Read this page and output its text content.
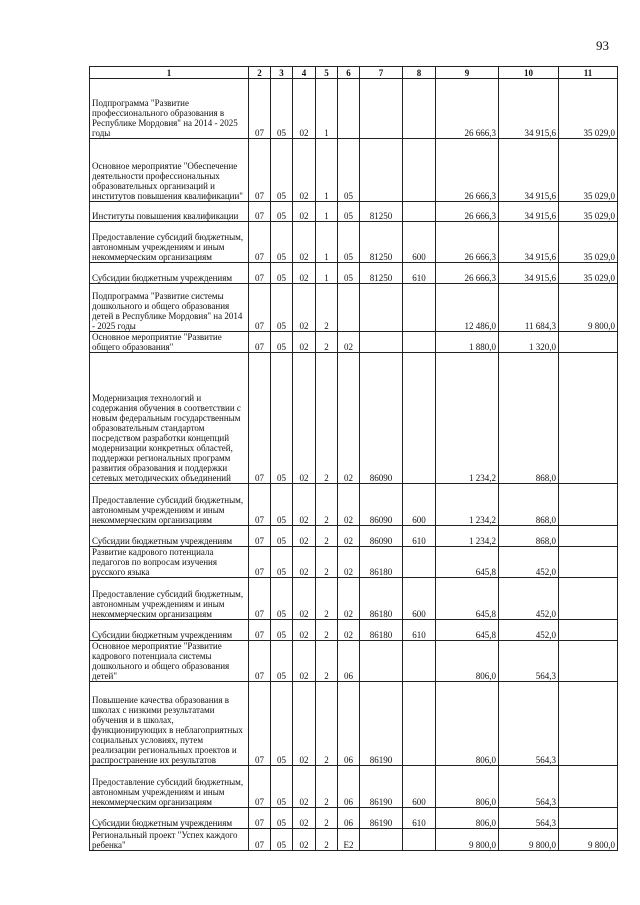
93
1	2	3	4	5	6	7	8	9	10	11
Подпрограмма "Развитие профессионального образования в Республике Мордовия" на 2014 - 2025 годы	07	05	02	1				26 666,3	34 915,6	35 029,0
Основное мероприятие "Обеспечение деятельности профессиональных образовательных организаций и институтов повышения квалификации"	07	05	02	1	05			26 666,3	34 915,6	35 029,0
Институты повышения квалификации	07	05	02	1	05	81250		26 666,3	34 915,6	35 029,0
Предоставление субсидий бюджетным, автономным учреждениям и иным некоммерческим организациям	07	05	02	1	05	81250	600	26 666,3	34 915,6	35 029,0
Субсидии бюджетным учреждениям	07	05	02	1	05	81250	610	26 666,3	34 915,6	35 029,0
Подпрограмма "Развитие системы дошкольного и общего образования детей в Республике Мордовия" на 2014 - 2025 годы	07	05	02	2				12 486,0	11 684,3	9 800,0
Основное мероприятие "Развитие общего образования"	07	05	02	2	02			1 880,0	1 320,0	
Модернизация технологий и содержания обучения в соответствии с новым федеральным государственным образовательным стандартом посредством разработки концепций модернизации конкретных областей, поддержки региональных программ развития образования и поддержки сетевых методических объединений	07	05	02	2	02	86090		1 234,2	868,0	
Предоставление субсидий бюджетным, автономным учреждениям и иным некоммерческим организациям	07	05	02	2	02	86090	600	1 234,2	868,0	
Субсидии бюджетным учреждениям	07	05	02	2	02	86090	610	1 234,2	868,0	
Развитие кадрового потенциала педагогов по вопросам изучения русского языка	07	05	02	2	02	86180		645,8	452,0	
Предоставление субсидий бюджетным, автономным учреждениям и иным некоммерческим организациям	07	05	02	2	02	86180	600	645,8	452,0	
Субсидии бюджетным учреждениям	07	05	02	2	02	86180	610	645,8	452,0	
Основное мероприятие "Развитие кадрового потенциала системы дошкольного и общего образования детей"	07	05	02	2	06			806,0	564,3	
Повышение качества образования в школах с низкими результатами обучения и в школах, функционирующих в неблагоприятных социальных условиях, путем реализации региональных проектов и распространение их результатов	07	05	02	2	06	86190		806,0	564,3	
Предоставление субсидий бюджетным, автономным учреждениям и иным некоммерческим организациям	07	05	02	2	06	86190	600	806,0	564,3	
Субсидии бюджетным учреждениям	07	05	02	2	06	86190	610	806,0	564,3	
Региональный проект "Успех каждого ребенка"	07	05	02	2	E2			9 800,0	9 800,0	9 800,0
